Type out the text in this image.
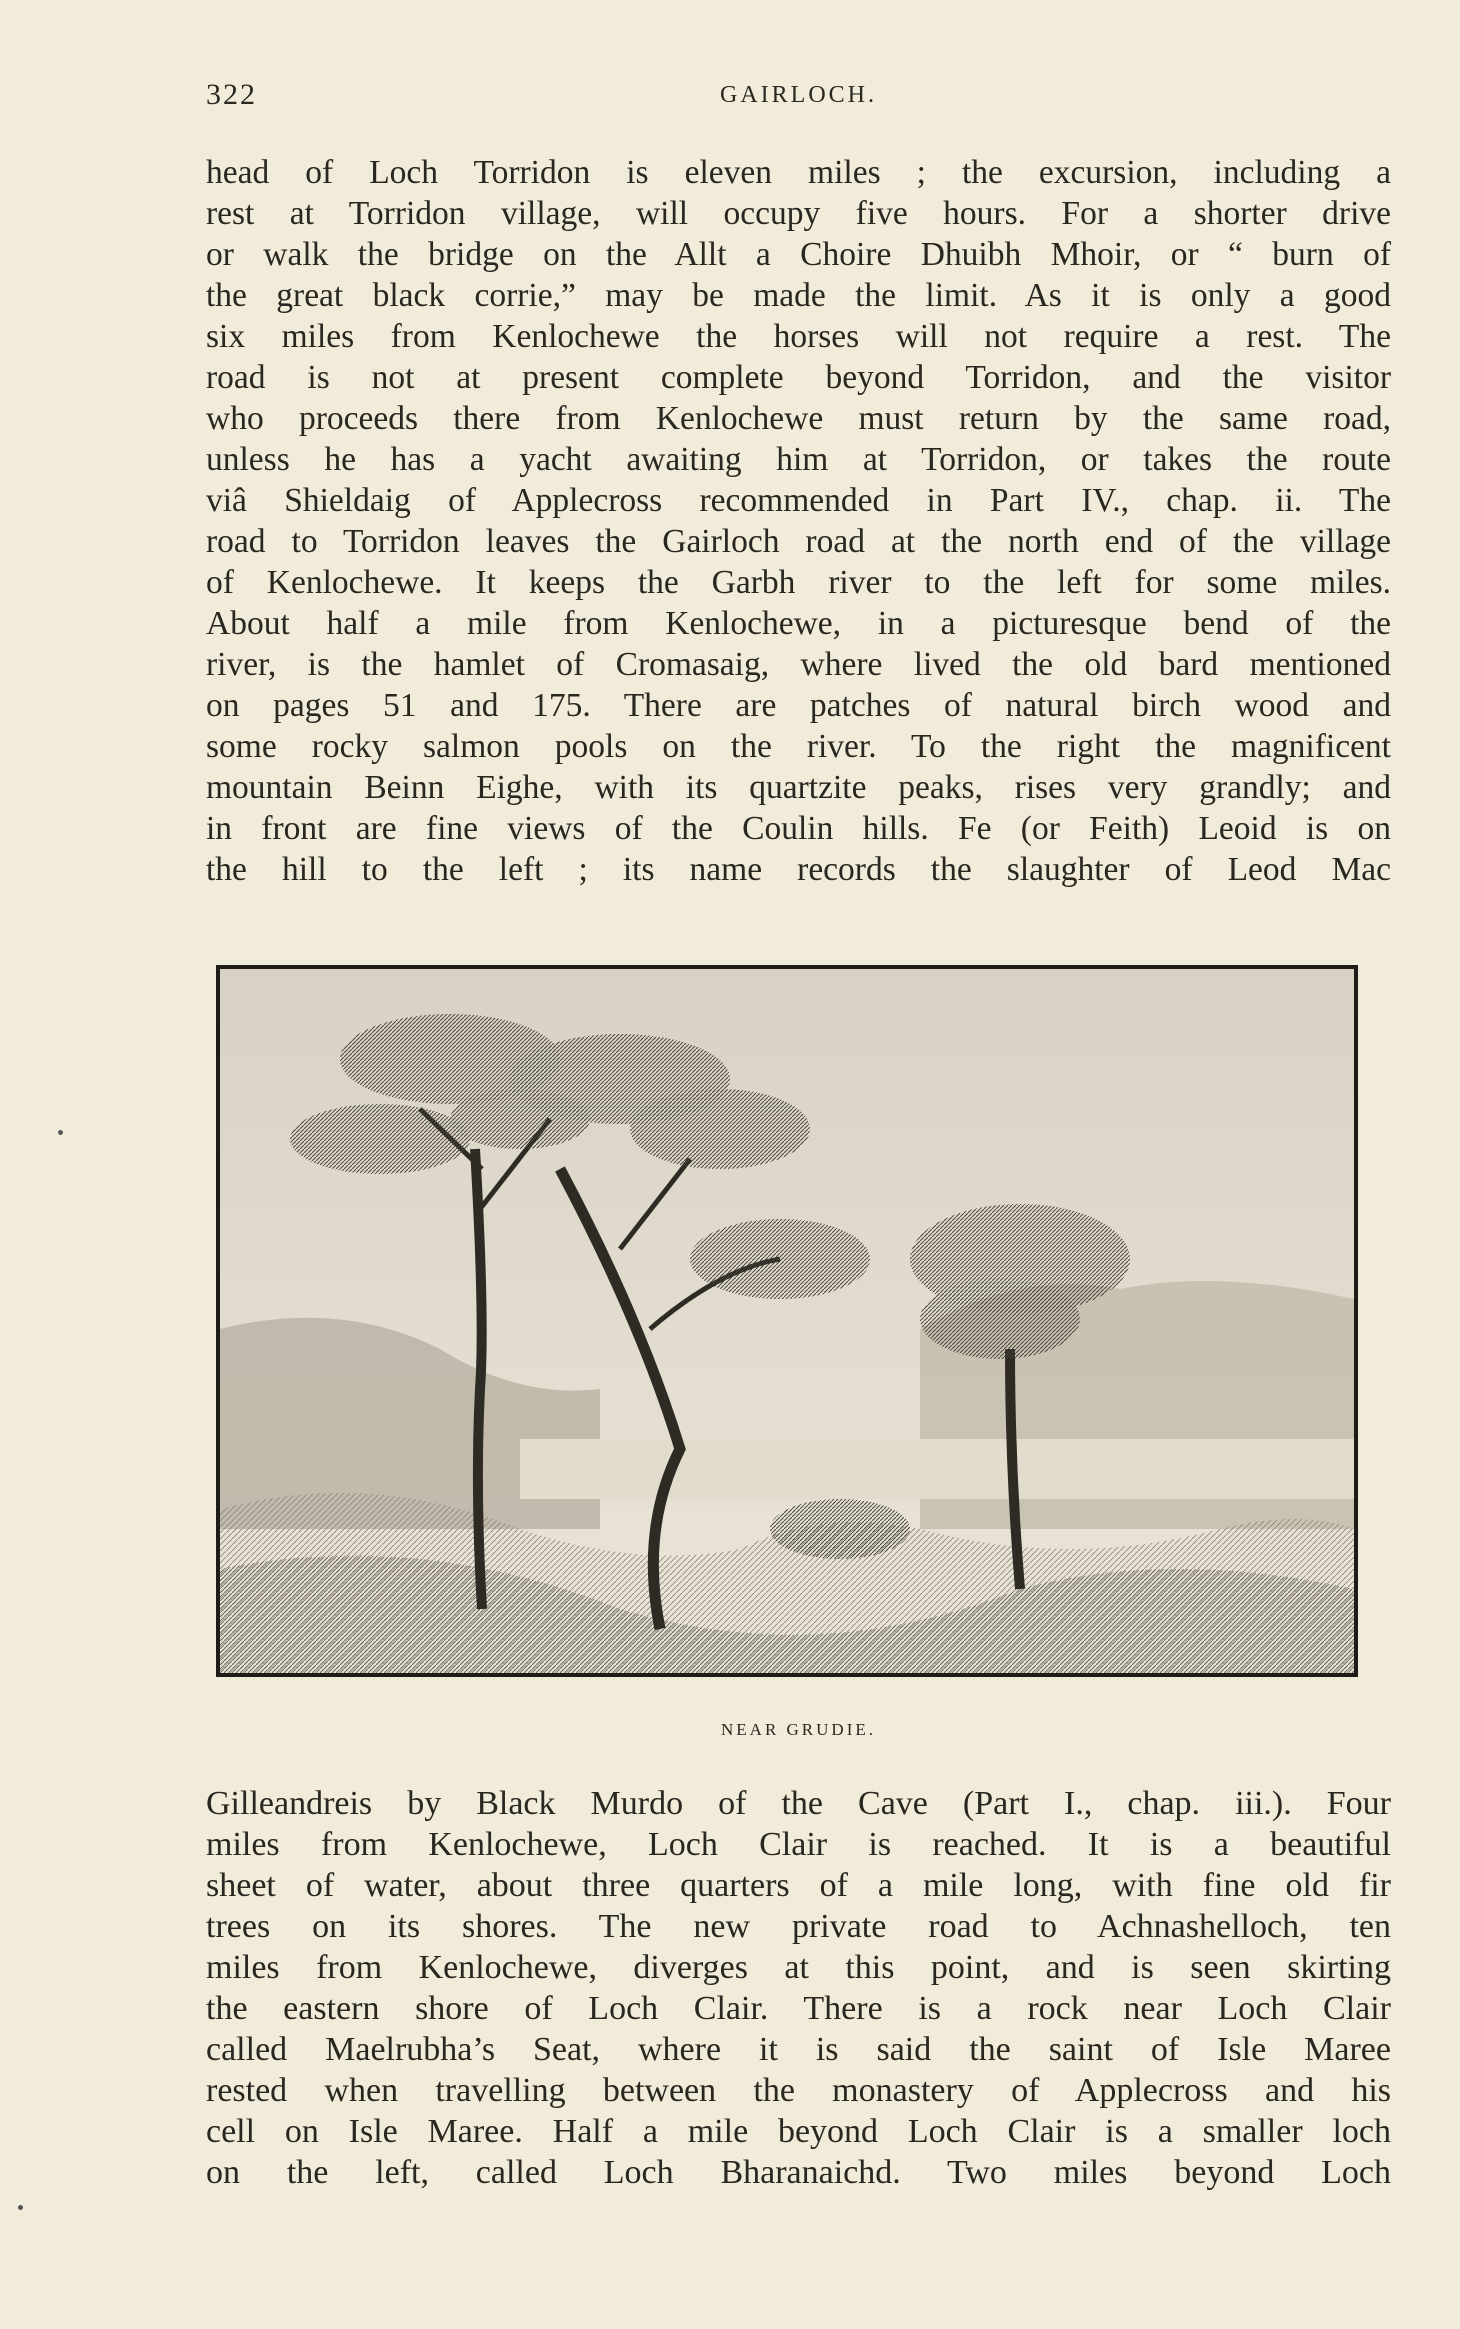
322	GAIRLOCH.
head of Loch Torridon is eleven miles ; the excursion, including a
rest at Torridon village, will occupy five hours. For a shorter drive
or walk the bridge on the Allt a Choire Dhuibh Mhoir, or “ burn of
the great black corrie,” may be made the limit. As it is only a good
six miles from Kenlochewe the horses will not require a rest. The
road is not at present complete beyond Torridon, and the visitor
who proceeds there from Kenlochewe must return by the same road,
unless he has a yacht awaiting him at Torridon, or takes the route
viâ Shieldaig of Applecross recommended in Part IV., chap. ii. The
road to Torridon leaves the Gairloch road at the north end of the village
of Kenlochewe. It keeps the Garbh river to the left for some miles.
About half a mile from Kenlochewe, in a picturesque bend of the
river, is the hamlet of Cromasaig, where lived the old bard mentioned
on pages 51 and 175. There are patches of natural birch wood and
some rocky salmon pools on the river. To the right the magnificent
mountain Beinn Eighe, with its quartzite peaks, rises very grandly; and
in front are fine views of the Coulin hills. Fe (or Feith) Leoid is on
the hill to the left ; its name records the slaughter of Leod Mac
NEAR GRUDIE.
Gilleandreis by Black Murdo of the Cave (Part I., chap. iii.). Four
miles from Kenlochewe, Loch Clair is reached. It is a beautiful
sheet of water, about three quarters of a mile long, with fine old fir
trees on its shores. The new private road to Achnashelloch, ten
miles from Kenlochewe, diverges at this point, and is seen skirting
the eastern shore of Loch Clair. There is a rock near Loch Clair
called Maelrubha’s Seat, where it is said the saint of Isle Maree
rested when travelling between the monastery of Applecross and his
cell on Isle Maree. Half a mile beyond Loch Clair is a smaller loch
on the left, called Loch Bharanaichd. Two miles beyond Loch
